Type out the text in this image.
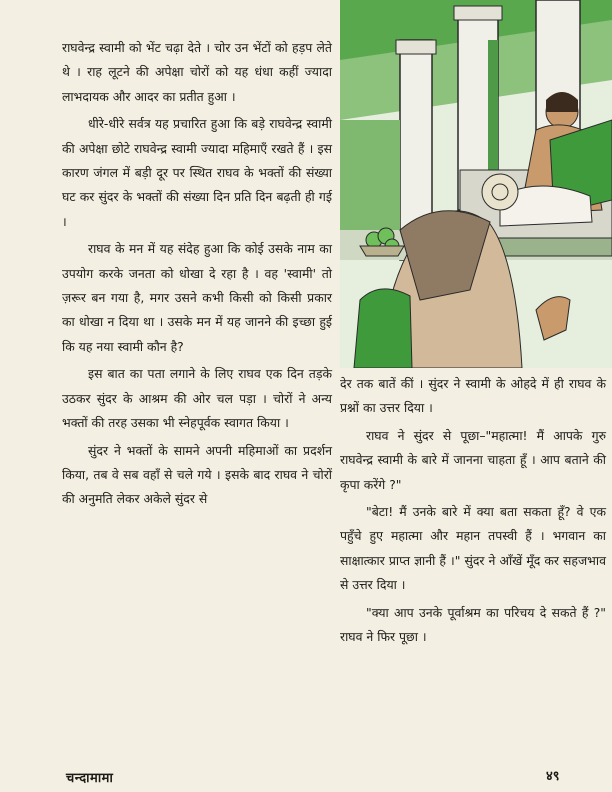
राघवेन्द्र स्वामी को भेंट चढ़ा देते । चोर उन भेंटों को हड़प लेते थे । राह लूटने की अपेक्षा चोरों को यह धंधा कहीं ज्यादा लाभदायक और आदर का प्रतीत हुआ ।

धीरे-धीरे सर्वत्र यह प्रचारित हुआ कि बड़े राघवेन्द्र स्वामी की अपेक्षा छोटे राघवेन्द्र स्वामी ज्यादा महिमाएँ रखते हैं । इस कारण जंगल में बड़ी दूर पर स्थित राघव के भक्तों की संख्या घट कर सुंदर के भक्तों की संख्या दिन प्रति दिन बढ़ती ही गई ।

राघव के मन में यह संदेह हुआ कि कोई उसके नाम का उपयोग करके जनता को धोखा दे रहा है । वह 'स्वामी' तो ज़रूर बन गया है, मगर उसने कभी किसी को किसी प्रकार का धोखा न दिया था । उसके मन में यह जानने की इच्छा हुई कि यह नया स्वामी कौन है?

इस बात का पता लगाने के लिए राघव एक दिन तड़के उठकर सुंदर के आश्रम की ओर चल पड़ा । चोरों ने अन्य भक्तों की तरह उसका भी स्नेहपूर्वक स्वागत किया ।

सुंदर ने भक्तों के सामने अपनी महिमाओं का प्रदर्शन किया, तब वे सब वहाँ से चले गये । इसके बाद राघव ने चोरों की अनुमति लेकर अकेले सुंदर से

देर तक बातें कीं । सुंदर ने स्वामी के ओहदे में ही राघव के प्रश्नों का उत्तर दिया ।

राघव ने सुंदर से पूछा–"महात्मा! मैं आपके गुरु राघवेन्द्र स्वामी के बारे में जानना चाहता हूँ । आप बताने की कृपा करेंगे ?"

"बेटा! मैं उनके बारे में क्या बता सकता हूँ? वे एक पहुँचे हुए महात्मा और महान तपस्वी हैं । भगवान का साक्षात्कार प्राप्त ज्ञानी हैं ।" सुंदर ने आँखें मूँद कर सहजभाव से उत्तर दिया ।

"क्या आप उनके पूर्वाश्रम का परिचय दे सकते हैं ?" राघव ने फिर पूछा ।

चन्दामामा	४९
